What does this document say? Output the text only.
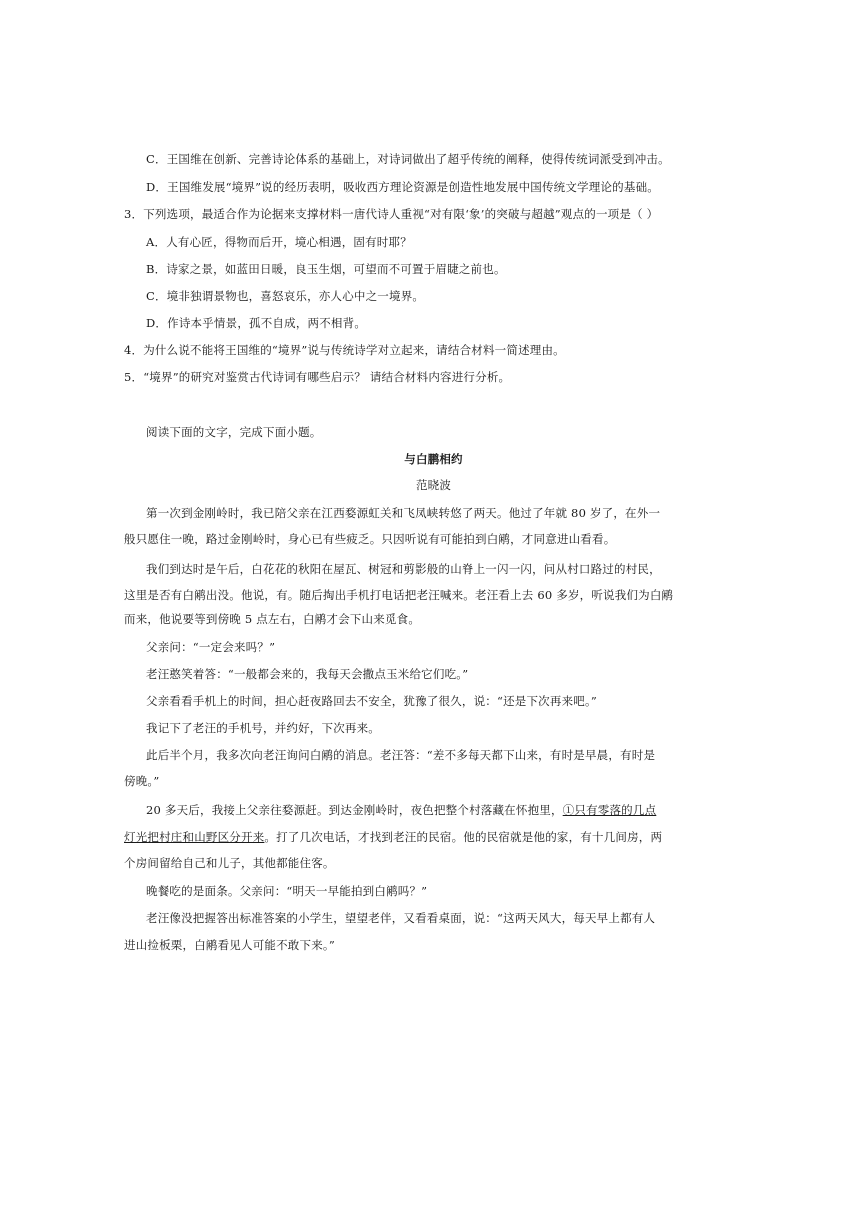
C．王国维在创新、完善诗论体系的基础上，对诗词做出了超乎传统的阐释，使得传统词派受到冲击。
D．王国维发展“境界”说的经历表明，吸收西方理论资源是创造性地发展中国传统文学理论的基础。
3．下列选项，最适合作为论据来支撑材料一唐代诗人重视“对有限‘象’的突破与超越”观点的一项是（ ）
A．人有心匠，得物而后开，境心相遇，固有时耶？
B．诗家之景，如蓝田日暖，良玉生烟，可望而不可置于眉睫之前也。
C．境非独谓景物也，喜怒哀乐，亦人心中之一境界。
D．作诗本乎情景，孤不自成，两不相背。
4．为什么说不能将王国维的“境界”说与传统诗学对立起来，请结合材料一简述理由。
5．“境界”的研究对鉴赏古代诗词有哪些启示？ 请结合材料内容进行分析。
阅读下面的文字，完成下面小题。
与白鹏相约
范晓波
第一次到金刚岭时，我已陪父亲在江西婺源虹关和飞凤峡转悠了两天。他过了年就 80 岁了，在外一
般只愿住一晚，路过金刚岭时，身心已有些疲乏。只因听说有可能拍到白鹇，才同意进山看看。
我们到达时是午后，白花花的秋阳在屋瓦、树冠和剪影般的山脊上一闪一闪，问从村口路过的村民，
这里是否有白鹇出没。他说，有。随后掏出手机打电话把老汪喊来。老汪看上去 60 多岁，听说我们为白鹇
而来，他说要等到傍晚 5 点左右，白鹇才会下山来觅食。
父亲问：“一定会来吗？”
老汪憨笑着答：“一般都会来的，我每天会撒点玉米给它们吃。”
父亲看看手机上的时间，担心赶夜路回去不安全，犹豫了很久，说：“还是下次再来吧。”
我记下了老汪的手机号，并约好，下次再来。
此后半个月，我多次向老汪询问白鹇的消息。老汪答：“差不多每天都下山来，有时是早晨，有时是
傍晚。”
20 多天后，我接上父亲往婺源赶。到达金刚岭时，夜色把整个村落藏在怀抱里，①只有零落的几点
灯光把村庄和山野区分开来。打了几次电话，才找到老汪的民宿。他的民宿就是他的家，有十几间房，两
个房间留给自己和儿子，其他都能住客。
晚餐吃的是面条。父亲问：“明天一早能拍到白鹇吗？”
老汪像没把握答出标准答案的小学生，望望老伴，又看看桌面，说：“这两天风大，每天早上都有人
进山捡板栗，白鹇看见人可能不敢下来。”
